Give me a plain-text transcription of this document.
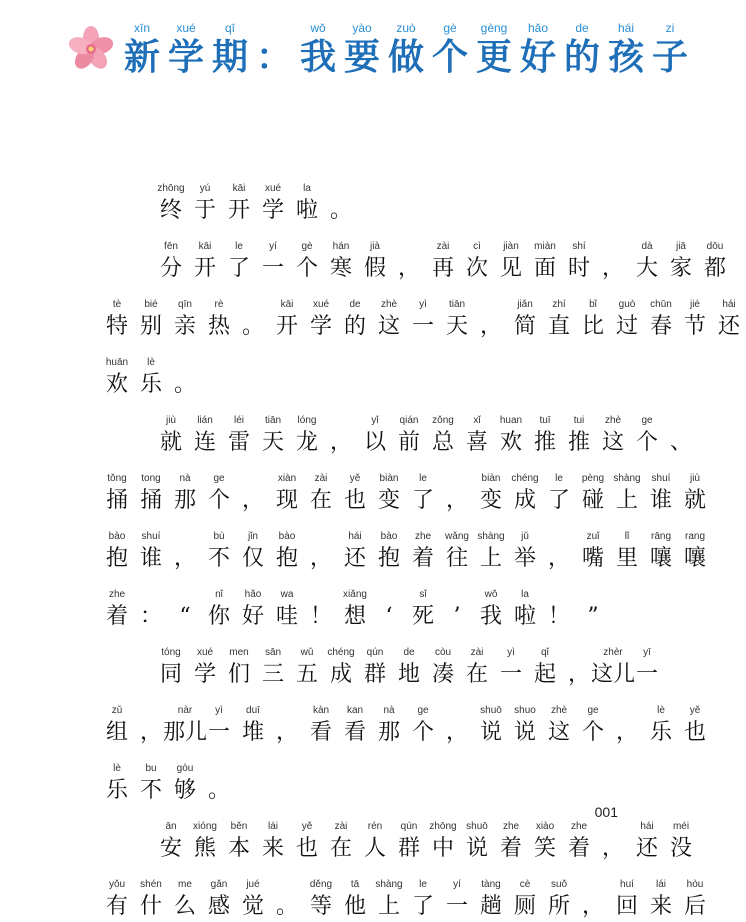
xīn
新
xué
学
qī
期 ：
wǒ
我
yào
要
zuò
做
gè
个
gèng
更
hǎo
好
de
的
hái
孩
zi
子
zhōng
终
yú
于
kāi
开
xué
学
la
啦 。
fēn
分
kāi
开
le
了
yí
一
gè
个
hán
寒
jià
假 ，
zài
再
cì
次
jiàn
见
miàn
面
shí
时 ，
dà
大
jiā
家
dōu
都
tè
特
bié
别
qīn
亲
rè
热 。
kāi
开
xué
学
de
的
zhè
这
yì
一
tiān
天 ，
jiǎn
简
zhí
直
bǐ
比
guò
过
chūn
春
jié
节
hái
还
huān
欢
lè
乐 。
jiù
就
lián
连
léi
雷
tiān
天
lóng
龙 ，
yǐ
以
qián
前
zǒng
总
xǐ
喜
huan
欢
tuī
推
tui
推
zhè
这
ge
个 、
tǒng
捅
tong
捅
nà
那
ge
个 ，
xiàn
现
zài
在
yě
也
biàn
变
le
了 ，
biàn
变
chéng
成
le
了
pèng
碰
shàng
上
shuí
谁
jiù
就
bào
抱
shuí
谁 ，
bù
不
jǐn
仅
bào
抱 ，
hái
还
bào
抱
zhe
着
wǎng
往
shàng
上
jǔ
举 ，
zuǐ
嘴
lǐ
里
rāng
嚷
rang
嚷
zhe
着 ： “
nǐ
你
hǎo
好
wa
哇 ！
xiǎng
想 ‘
sǐ
死 ’
wǒ
我
la
啦 ！ ”
tóng
同
xué
学
men
们
sān
三
wǔ
五
chéng
成
qún
群
de
地
còu
凑
zài
在
yì
一
qǐ
起 ，
zhèr
这儿
yī
一
zǔ
组 ，
nàr
那儿
yì
一
duī
堆 ，
kàn
看
kan
看
nà
那
ge
个 ，
shuō
说
shuo
说
zhè
这
ge
个 ，
lè
乐
yě
也
lè
乐
bu
不
gòu
够 。
ān
安
xióng
熊
běn
本
lái
来
yě
也
zài
在
rén
人
qún
群
zhōng
中
shuō
说
zhe
着
xiào
笑
zhe
着 ，
hái
还
méi
没
yǒu
有
shén
什
me
么
gǎn
感
jué
觉 。
děng
等
tā
他
shàng
上
le
了
yí
一
tàng
趟
cè
厕
suǒ
所 ，
huí
回
lái
来
hòu
后
001
